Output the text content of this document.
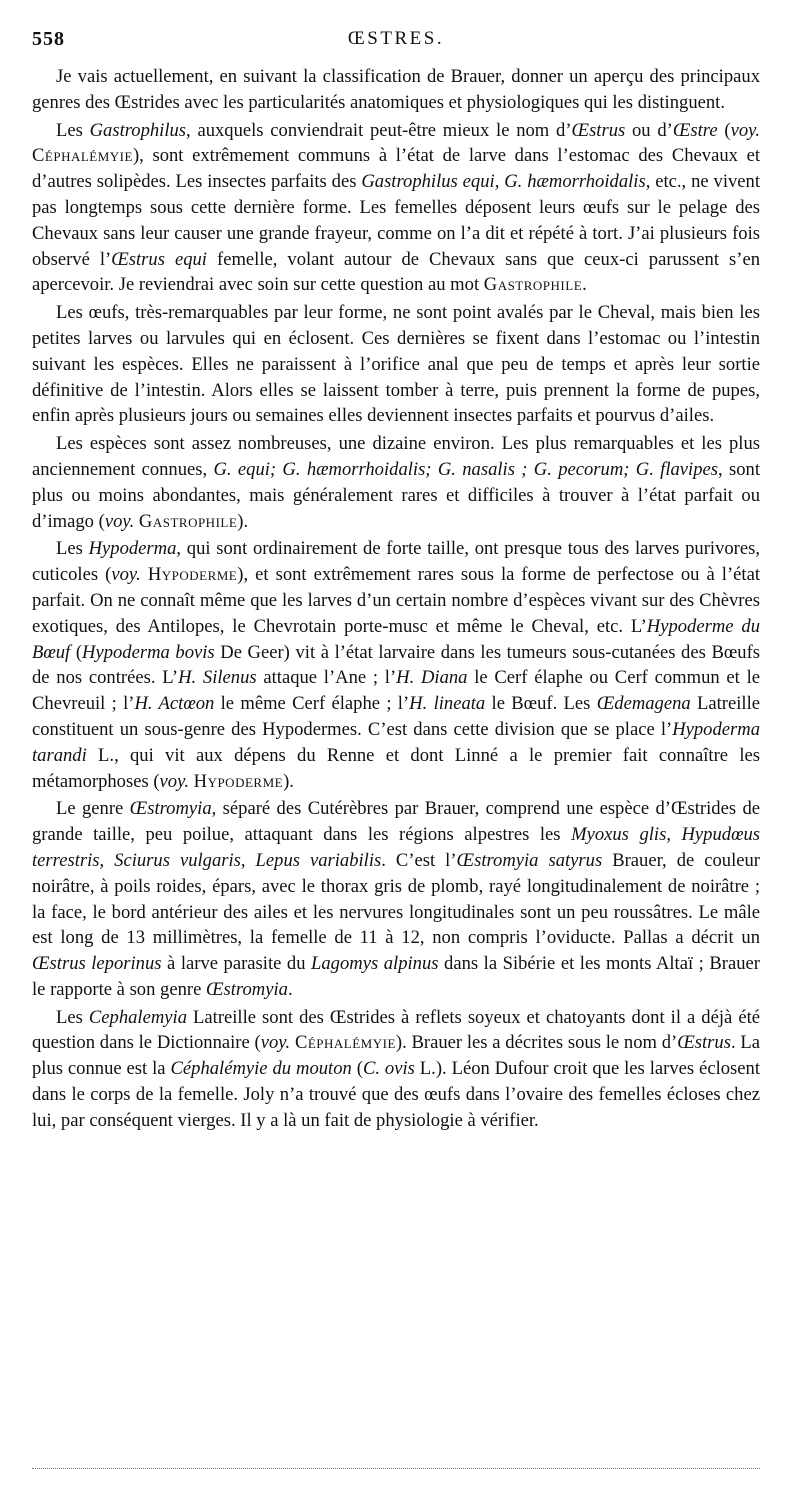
558	ŒSTRES.

Je vais actuellement, en suivant la classification de Brauer, donner un aperçu des principaux genres des Œstrides avec les particularités anatomiques et physiologiques qui les distinguent.

Les Gastrophilus, auxquels conviendrait peut-être mieux le nom d’Œstrus ou d’Œstre (voy. Céphalémyie), sont extrêmement communs à l’état de larve dans l’estomac des Chevaux et d’autres solipèdes. Les insectes parfaits des Gastrophilus equi, G. hæmorrhoidalis, etc., ne vivent pas longtemps sous cette dernière forme. Les femelles déposent leurs œufs sur le pelage des Chevaux sans leur causer une grande frayeur, comme on l’a dit et répété à tort. J’ai plusieurs fois observé l’Œstrus equi femelle, volant autour de Chevaux sans que ceux-ci parussent s’en apercevoir. Je reviendrai avec soin sur cette question au mot Gastrophile.

Les œufs, très-remarquables par leur forme, ne sont point avalés par le Cheval, mais bien les petites larves ou larvules qui en éclosent. Ces dernières se fixent dans l’estomac ou l’intestin suivant les espèces. Elles ne paraissent à l’orifice anal que peu de temps et après leur sortie définitive de l’intestin. Alors elles se laissent tomber à terre, puis prennent la forme de pupes, enfin après plusieurs jours ou semaines elles deviennent insectes parfaits et pourvus d’ailes.

Les espèces sont assez nombreuses, une dizaine environ. Les plus remarquables et les plus anciennement connues, G. equi; G. hæmorrhoidalis; G. nasalis ; G. pecorum; G. flavipes, sont plus ou moins abondantes, mais généralement rares et difficiles à trouver à l’état parfait ou d’imago (voy. Gastrophile).

Les Hypoderma, qui sont ordinairement de forte taille, ont presque tous des larves purivores, cuticoles (voy. Hypoderme), et sont extrêmement rares sous la forme de perfectose ou à l’état parfait. On ne connaît même que les larves d’un certain nombre d’espèces vivant sur des Chèvres exotiques, des Antilopes, le Chevrotain porte-musc et même le Cheval, etc. L’Hypoderme du Bœuf (Hypoderma bovis De Geer) vit à l’état larvaire dans les tumeurs sous-cutanées des Bœufs de nos contrées. L’H. Silenus attaque l’Ane ; l’H. Diana le Cerf élaphe ou Cerf commun et le Chevreuil ; l’H. Actœon le même Cerf élaphe ; l’H. lineata le Bœuf. Les Œdemagena Latreille constituent un sous-genre des Hypodermes. C’est dans cette division que se place l’Hypoderma tarandi L., qui vit aux dépens du Renne et dont Linné a le premier fait connaître les métamorphoses (voy. Hypoderme).

Le genre Œstromyia, séparé des Cutérèbres par Brauer, comprend une espèce d’Œstrides de grande taille, peu poilue, attaquant dans les régions alpestres les Myoxus glis, Hypudœus terrestris, Sciurus vulgaris, Lepus variabilis. C’est l’Œstromyia satyrus Brauer, de couleur noirâtre, à poils roides, épars, avec le thorax gris de plomb, rayé longitudinalement de noirâtre ; la face, le bord antérieur des ailes et les nervures longitudinales sont un peu roussâtres. Le mâle est long de 13 millimètres, la femelle de 11 à 12, non compris l’oviducte. Pallas a décrit un Œstrus leporinus à larve parasite du Lagomys alpinus dans la Sibérie et les monts Altaï ; Brauer le rapporte à son genre Œstromyia.

Les Cephalemyia Latreille sont des Œstrides à reflets soyeux et chatoyants dont il a déjà été question dans le Dictionnaire (voy. Céphalémyie). Brauer les a décrites sous le nom d’Œstrus. La plus connue est la Céphalémyie du mouton (C. ovis L.). Léon Dufour croit que les larves éclosent dans le corps de la femelle. Joly n’a trouvé que des œufs dans l’ovaire des femelles écloses chez lui, par conséquent vierges. Il y a là un fait de physiologie à vérifier.
